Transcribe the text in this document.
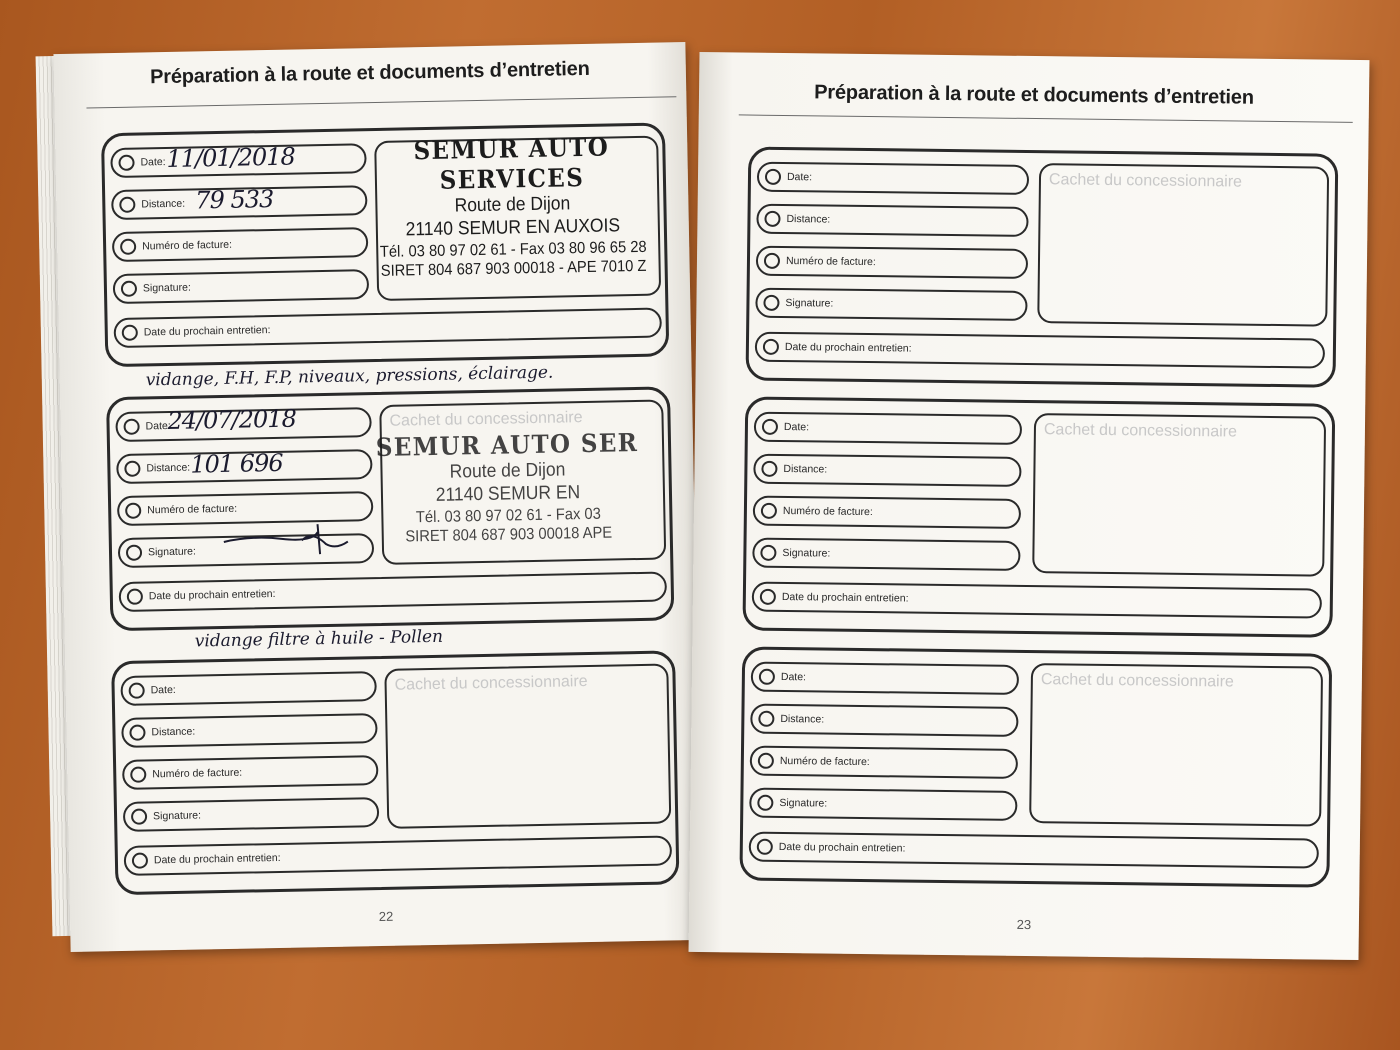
Préparation à la route et documents d’entretien
Date:
Distance:
Numéro de facture:
Signature:
Date du prochain entretien:
SEMUR AUTO SERVICES
Route de Dijon
21140 SEMUR EN AUXOIS
Tél. 03 80 97 02 61 - Fax 03 80 96 65 28
SIRET 804 687 903 00018 - APE 7010 Z
11/01/2018
79 533
vidange, F.H, F.P, niveaux, pressions, éclairage.
Date:
Distance:
Numéro de facture:
Signature:
Date du prochain entretien:
Cachet du concessionnaire
SEMUR AUTO SER
Route de Dijon
21140 SEMUR EN
Tél. 03 80 97 02 61 - Fax 03
SIRET 804 687 903 00018 APE
24/07/2018
101 696
vidange filtre à huile - Pollen
Date:
Distance:
Numéro de facture:
Signature:
Date du prochain entretien:
Cachet du concessionnaire
22
Préparation à la route et documents d’entretien
Date:
Distance:
Numéro de facture:
Signature:
Date du prochain entretien:
Cachet du concessionnaire
Date:
Distance:
Numéro de facture:
Signature:
Date du prochain entretien:
Cachet du concessionnaire
Date:
Distance:
Numéro de facture:
Signature:
Date du prochain entretien:
Cachet du concessionnaire
23
